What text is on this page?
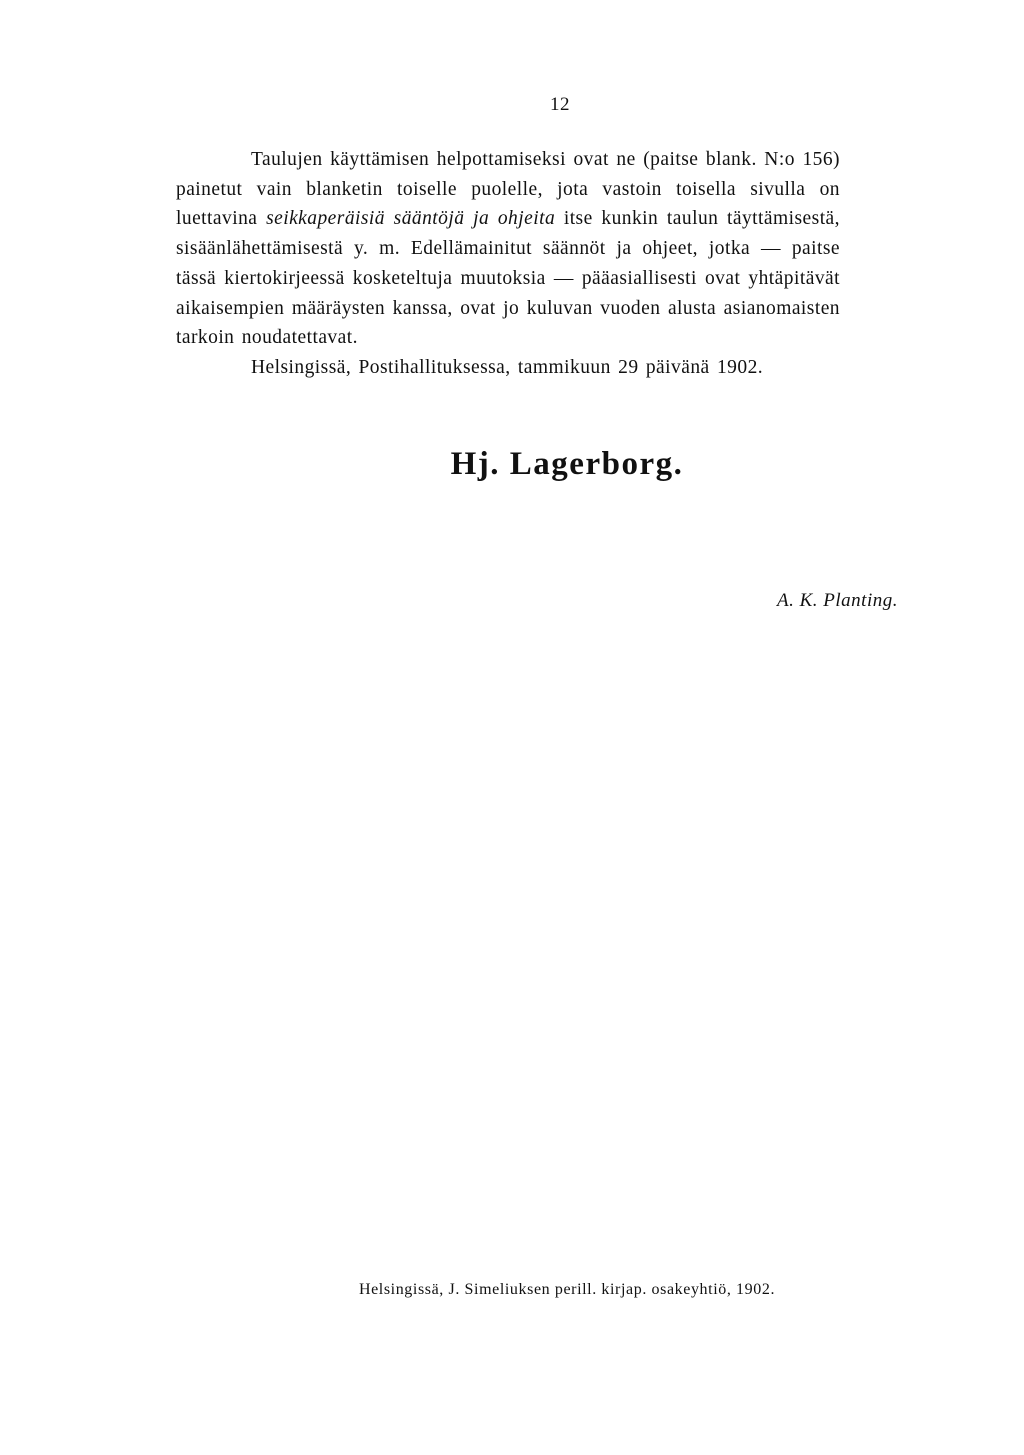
12

Taulujen käyttämisen helpottamiseksi ovat ne (paitse blank. N:o 156) painetut vain blanketin toiselle puolelle, jota vastoin toisella sivulla on luettavina seikkaperäisiä sääntöjä ja ohjeita itse kunkin taulun täyttämisestä, sisäänlähettämisestä y. m. Edellämainitut säännöt ja ohjeet, jotka — paitse tässä kiertokirjeessä kosketeltuja muutoksia — pääasiallisesti ovat yhtäpitävät aikaisempien määräysten kanssa, ovat jo kuluvan vuoden alusta asianomaisten tarkoin noudatettavat.

Helsingissä, Postihallituksessa, tammikuun 29 päivänä 1902.

Hj. Lagerborg.
A. K. Planting.
Helsingissä, J. Simeliuksen perill. kirjap. osakeyhtiö, 1902.
